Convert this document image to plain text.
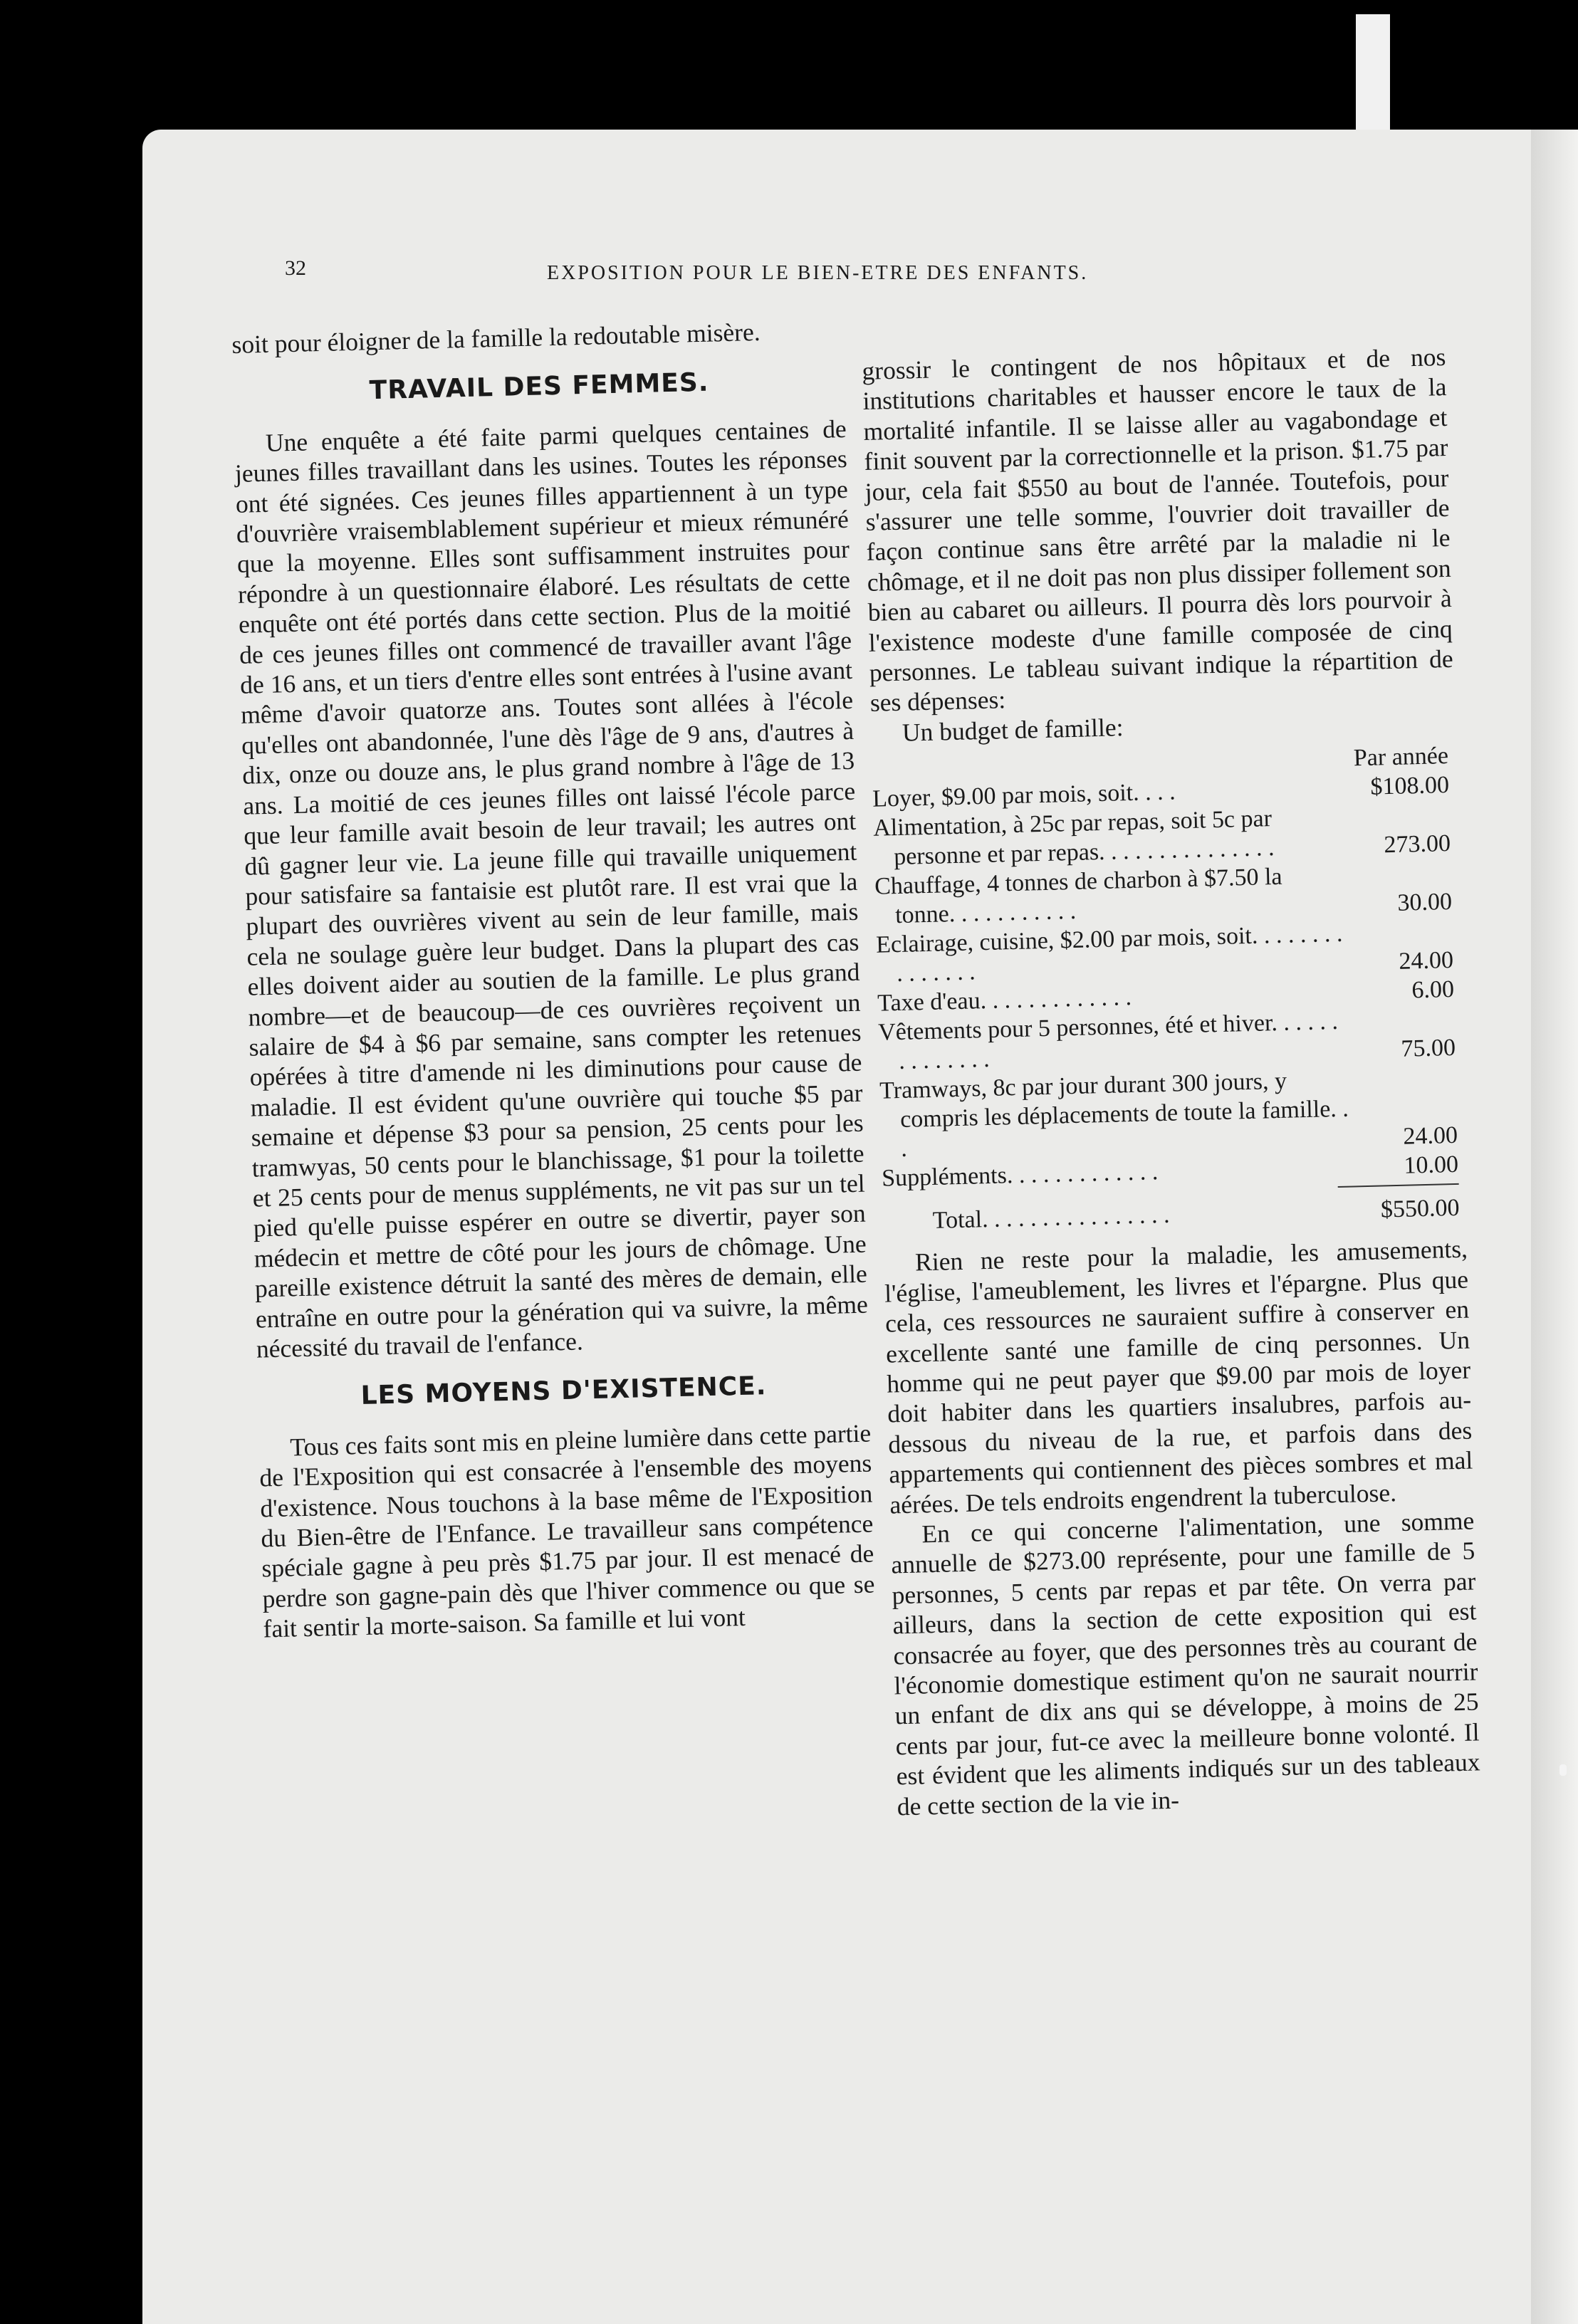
32	EXPOSITION POUR LE BIEN-ETRE DES ENFANTS.

soit pour éloigner de la famille la redoutable misère.

TRAVAIL DES FEMMES.

Une enquête a été faite parmi quelques centaines de jeunes filles travaillant dans les usines. Toutes les réponses ont été signées. Ces jeunes filles appartiennent à un type d'ouvrière vraisemblablement supérieur et mieux rémunéré que la moyenne. Elles sont suffisamment instruites pour répondre à un questionnaire élaboré. Les résultats de cette enquête ont été portés dans cette section. Plus de la moitié de ces jeunes filles ont commencé de travailler avant l'âge de 16 ans, et un tiers d'entre elles sont entrées à l'usine avant même d'avoir quatorze ans. Toutes sont allées à l'école qu'elles ont abandonnée, l'une dès l'âge de 9 ans, d'autres à dix, onze ou douze ans, le plus grand nombre à l'âge de 13 ans. La moitié de ces jeunes filles ont laissé l'école parce que leur famille avait besoin de leur travail; les autres ont dû gagner leur vie. La jeune fille qui travaille uniquement pour satisfaire sa fantaisie est plutôt rare. Il est vrai que la plupart des ouvrières vivent au sein de leur famille, mais cela ne soulage guère leur budget. Dans la plupart des cas elles doivent aider au soutien de la famille. Le plus grand nombre—et de beaucoup—de ces ouvrières reçoivent un salaire de $4 à $6 par semaine, sans compter les retenues opérées à titre d'amende ni les diminutions pour cause de maladie. Il est évident qu'une ouvrière qui touche $5 par semaine et dépense $3 pour sa pension, 25 cents pour les tramwyas, 50 cents pour le blanchissage, $1 pour la toilette et 25 cents pour de menus suppléments, ne vit pas sur un tel pied qu'elle puisse espérer en outre se divertir, payer son médecin et mettre de côté pour les jours de chômage. Une pareille existence détruit la santé des mères de demain, elle entraîne en outre pour la génération qui va suivre, la même nécessité du travail de l'enfance.

LES MOYENS D'EXISTENCE.

Tous ces faits sont mis en pleine lumière dans cette partie de l'Exposition qui est consacrée à l'ensemble des moyens d'existence. Nous touchons à la base même de l'Exposition du Bien-être de l'Enfance. Le travailleur sans compétence spéciale gagne à peu près $1.75 par jour. Il est menacé de perdre son gagne-pain dès que l'hiver commence ou que se fait sentir la morte-saison. Sa famille et lui vont

grossir le contingent de nos hôpitaux et de nos institutions charitables et hausser encore le taux de la mortalité infantile. Il se laisse aller au vagabondage et finit souvent par la correctionnelle et la prison. $1.75 par jour, cela fait $550 au bout de l'année. Toutefois, pour s'assurer une telle somme, l'ouvrier doit travailler de façon continue sans être arrêté par la maladie ni le chômage, et il ne doit pas non plus dissiper follement son bien au cabaret ou ailleurs. Il pourra dès lors pourvoir à l'existence modeste d'une famille composée de cinq personnes. Le tableau suivant indique la répartition de ses dépenses:

Un budget de famille:

Par année
Loyer, $9.00 par mois, soit. . . .	$108.00
Alimentation, à 25c par repas, soit 5c par personne et par repas. . . . . . . . . . . . . . .	273.00
Chauffage, 4 tonnes de charbon à $7.50 la tonne. . . . . . . . . . .	30.00
Eclairage, cuisine, $2.00 par mois, soit. . . . . . . . . . . . . . .	24.00
Taxe d'eau. . . . . . . . . . . . .	6.00
Vêtements pour 5 personnes, été et hiver. . . . . . . . . . . . . .	75.00
Tramways, 8c par jour durant 300 jours, y compris les déplacements de toute la famille. . .	24.00
Suppléments. . . . . . . . . . . . .	10.00
Total. . . . . . . . . . . . . . . .	$550.00

Rien ne reste pour la maladie, les amusements, l'église, l'ameublement, les livres et l'épargne. Plus que cela, ces ressources ne sauraient suffire à conserver en excellente santé une famille de cinq personnes. Un homme qui ne peut payer que $9.00 par mois de loyer doit habiter dans les quartiers insalubres, parfois au-dessous du niveau de la rue, et parfois dans des appartements qui contiennent des pièces sombres et mal aérées. De tels endroits engendrent la tuberculose.

En ce qui concerne l'alimentation, une somme annuelle de $273.00 représente, pour une famille de 5 personnes, 5 cents par repas et par tête. On verra par ailleurs, dans la section de cette exposition qui est consacrée au foyer, que des personnes très au courant de l'économie domestique estiment qu'on ne saurait nourrir un enfant de dix ans qui se développe, à moins de 25 cents par jour, fut-ce avec la meilleure bonne volonté. Il est évident que les aliments indiqués sur un des tableaux de cette section de la vie in-
